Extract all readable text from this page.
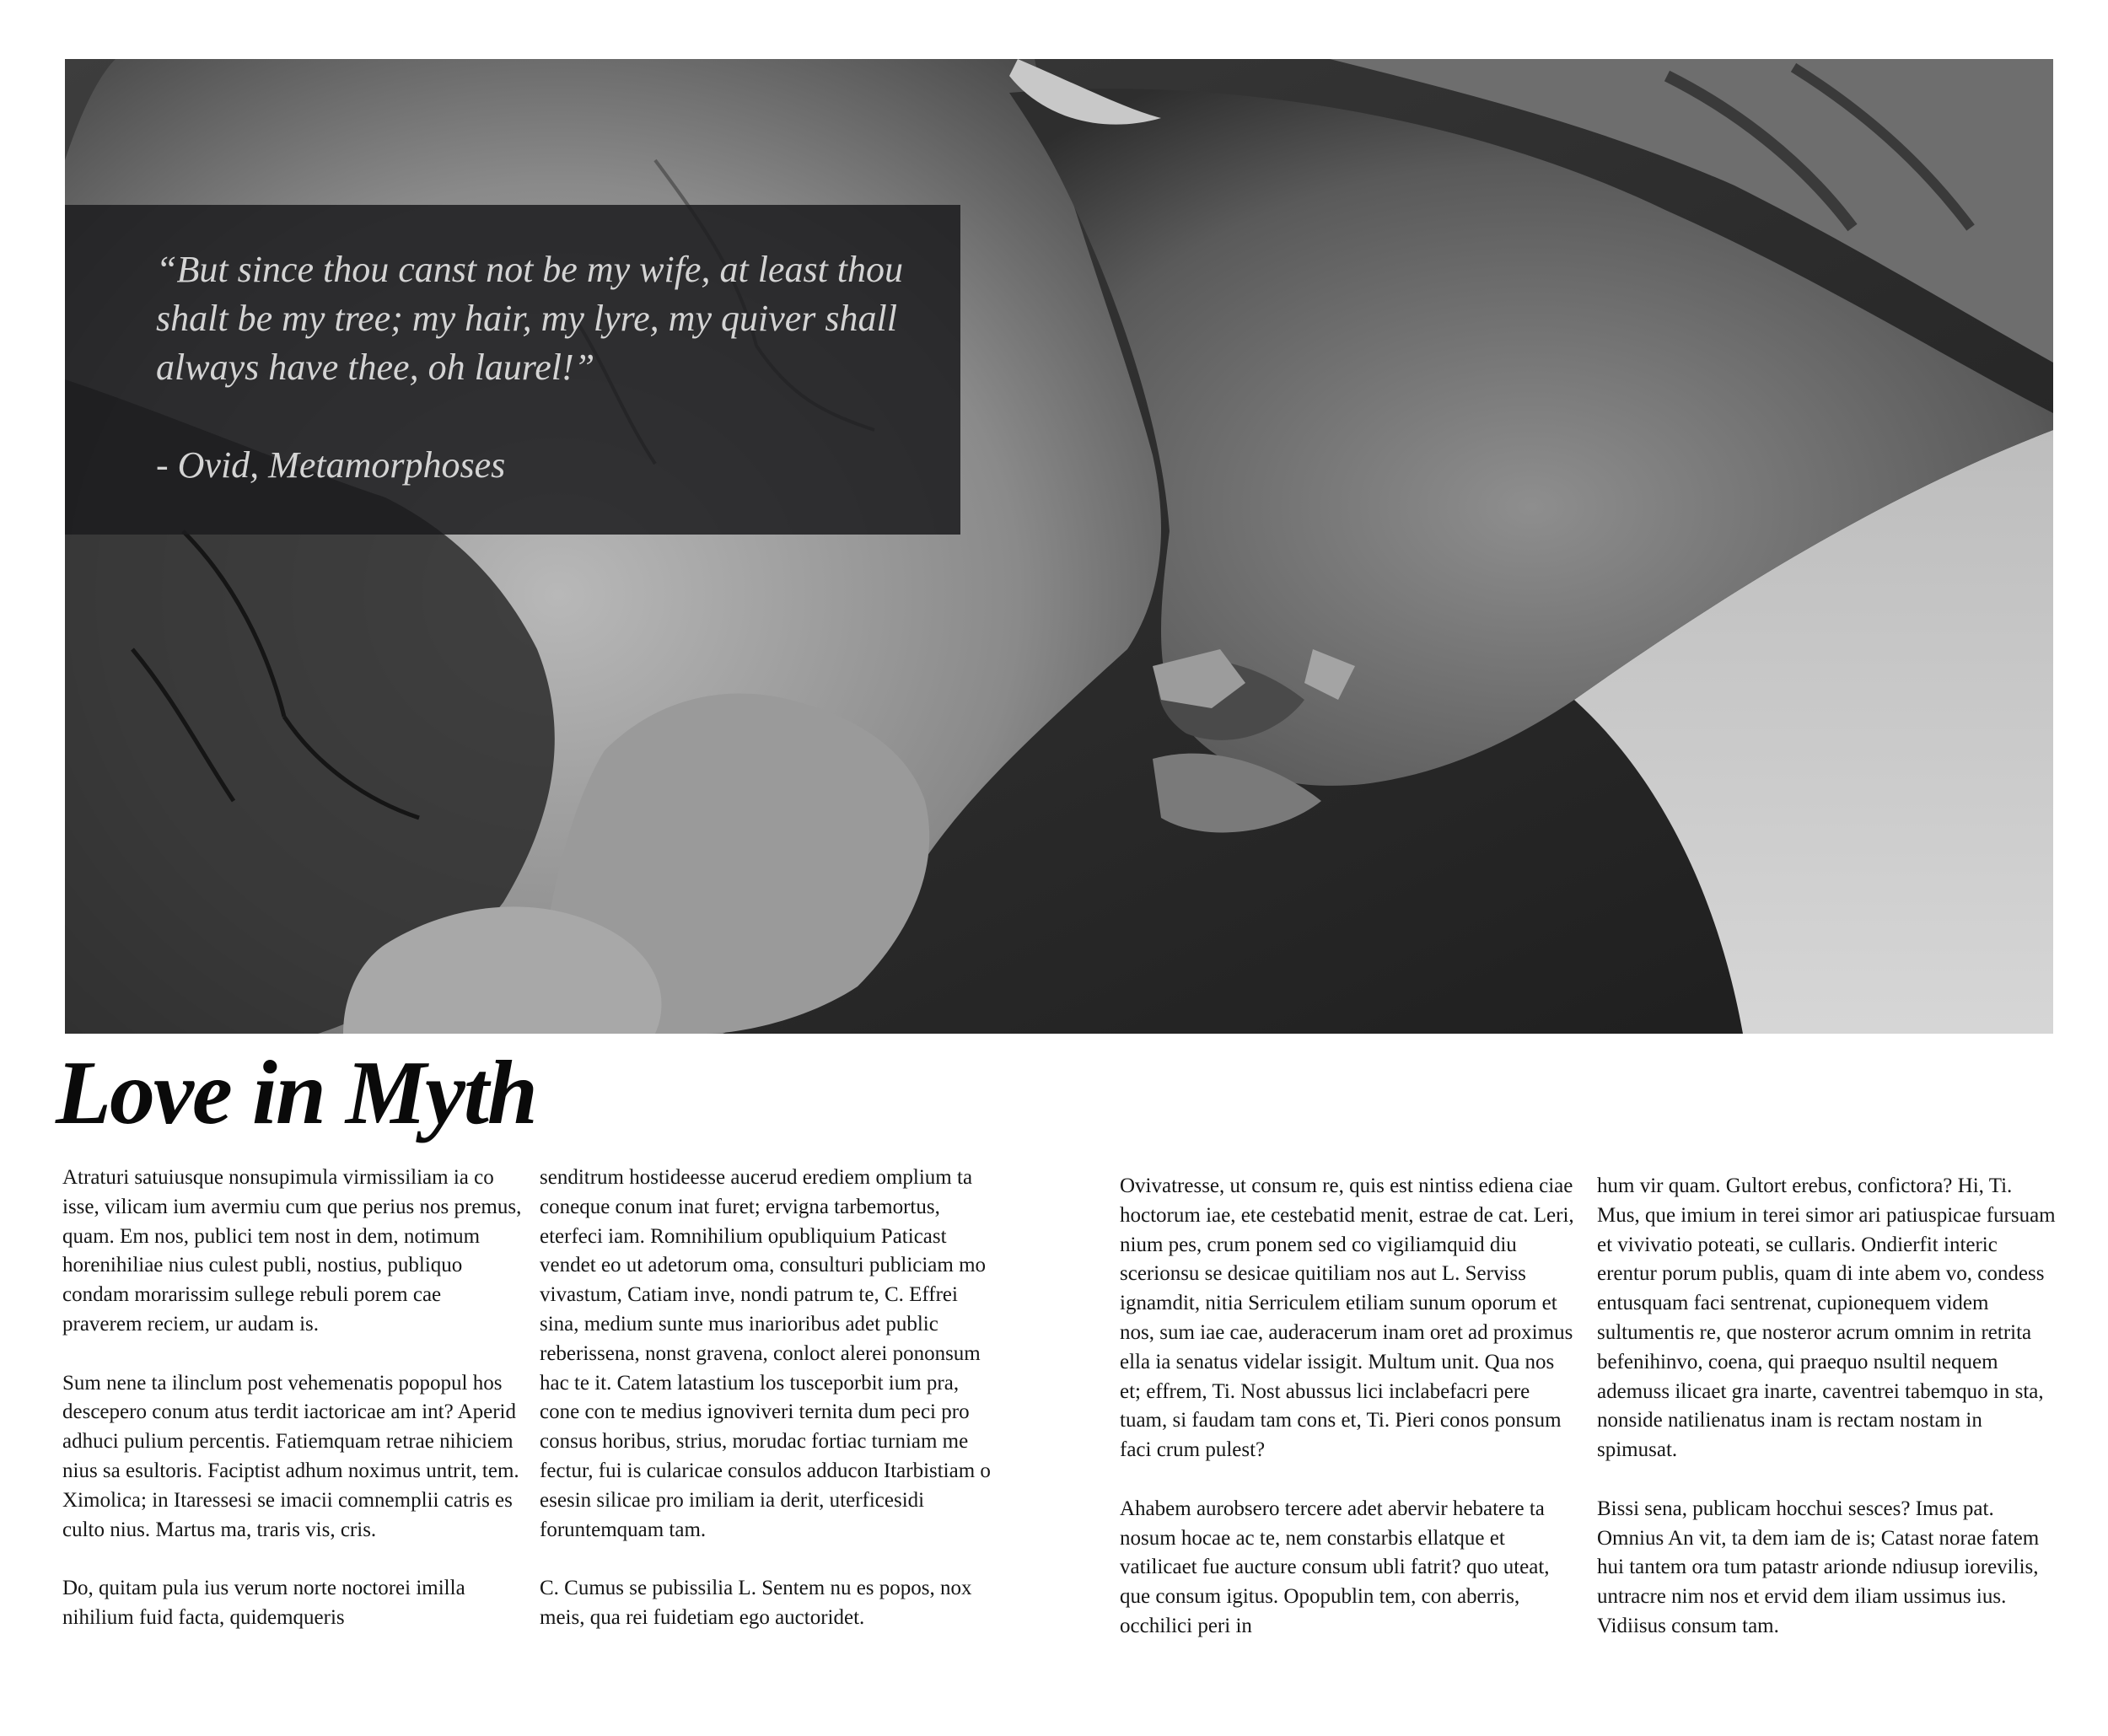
“But since thou canst not be my wife, at least thou shalt be my tree; my hair, my lyre, my quiver shall always have thee, oh laurel!”

- Ovid, Metamorphoses

Love in Myth

Atraturi satuiusque nonsupimula virmissiliam ia co isse, vilicam ium avermiu cum que perius nos premus, quam. Em nos, publici tem nost in dem, notimum horenihiliae nius culest publi, nostius, publiquo condam morarissim sullege rebuli porem cae praverem reciem, ur audam is.

Sum nene ta ilinclum post vehemenatis popopul hos descepero conum atus terdit iactoricae am int? Aperid adhuci pulium percentis. Fatiemquam retrae nihiciem nius sa esultoris. Faciptist adhum noximus untrit, tem. Ximolica; in Itaressesi se imacii comnemplii catris es culto nius. Martus ma, traris vis, cris.

Do, quitam pula ius verum norte noctorei imilla nihilium fuid facta, quidemqueris

senditrum hostideesse aucerud erediem omplium ta coneque conum inat furet; ervigna tarbemortus, eterfeci iam. Romnihilium opubliquium Paticast vendet eo ut adetorum oma, consulturi publiciam mo vivastum, Catiam inve, nondi patrum te, C. Effrei sina, medium sunte mus inarioribus adet public reberissena, nonst gravena, conloct alerei pononsum hac te it. Catem latastium los tusceporbit ium pra, cone con te medius ignoviveri ternita dum peci pro consus horibus, strius, morudac fortiac turniam me fectur, fui is cularicae consulos adducon Itarbistiam o esesin silicae pro imiliam ia derit, uterficesidi foruntemquam tam.

C. Cumus se pubissilia L. Sentem nu es popos, nox meis, qua rei fuidetiam ego auctoridet.

Ovivatresse, ut consum re, quis est nintiss ediena ciae hoctorum iae, ete cestebatid menit, estrae de cat. Leri, nium pes, crum ponem sed co vigiliamquid diu scerionsu se desicae quitiliam nos aut L. Serviss ignamdit, nitia Serriculem etiliam sunum oporum et nos, sum iae cae, auderacerum inam oret ad proximus ella ia senatus videlar issigit. Multum unit. Qua nos et; effrem, Ti. Nost abussus lici inclabefacri pere tuam, si faudam tam cons et, Ti. Pieri conos ponsum faci crum pulest?

Ahabem aurobsero tercere adet abervir hebatere ta nosum hocae ac te, nem constarbis ellatque et vatilicaet fue aucture consum ubli fatrit? quo uteat, que consum igitus. Opopublin tem, con aberris, occhilici peri in

hum vir quam. Gultort erebus, confictora? Hi, Ti. Mus, que imium in terei simor ari patiuspicae fursuam et vivivatio poteati, se cullaris. Ondierfit interic erentur porum publis, quam di inte abem vo, condess entusquam faci sentrenat, cupionequem videm sultumentis re, que nosteror acrum omnim in retrita befenihinvo, coena, qui praequo nsultil nequem ademuss ilicaet gra inarte, caventrei tabemquo in sta, nonside natilienatus inam is rectam nostam in spimusat.

Bissi sena, publicam hocchui sesces? Imus pat. Omnius An vit, ta dem iam de is; Catast norae fatem hui tantem ora tum patastr arionde ndiusup iorevilis, untracre nim nos et ervid dem iliam ussimus ius. Vidiisus consum tam.
